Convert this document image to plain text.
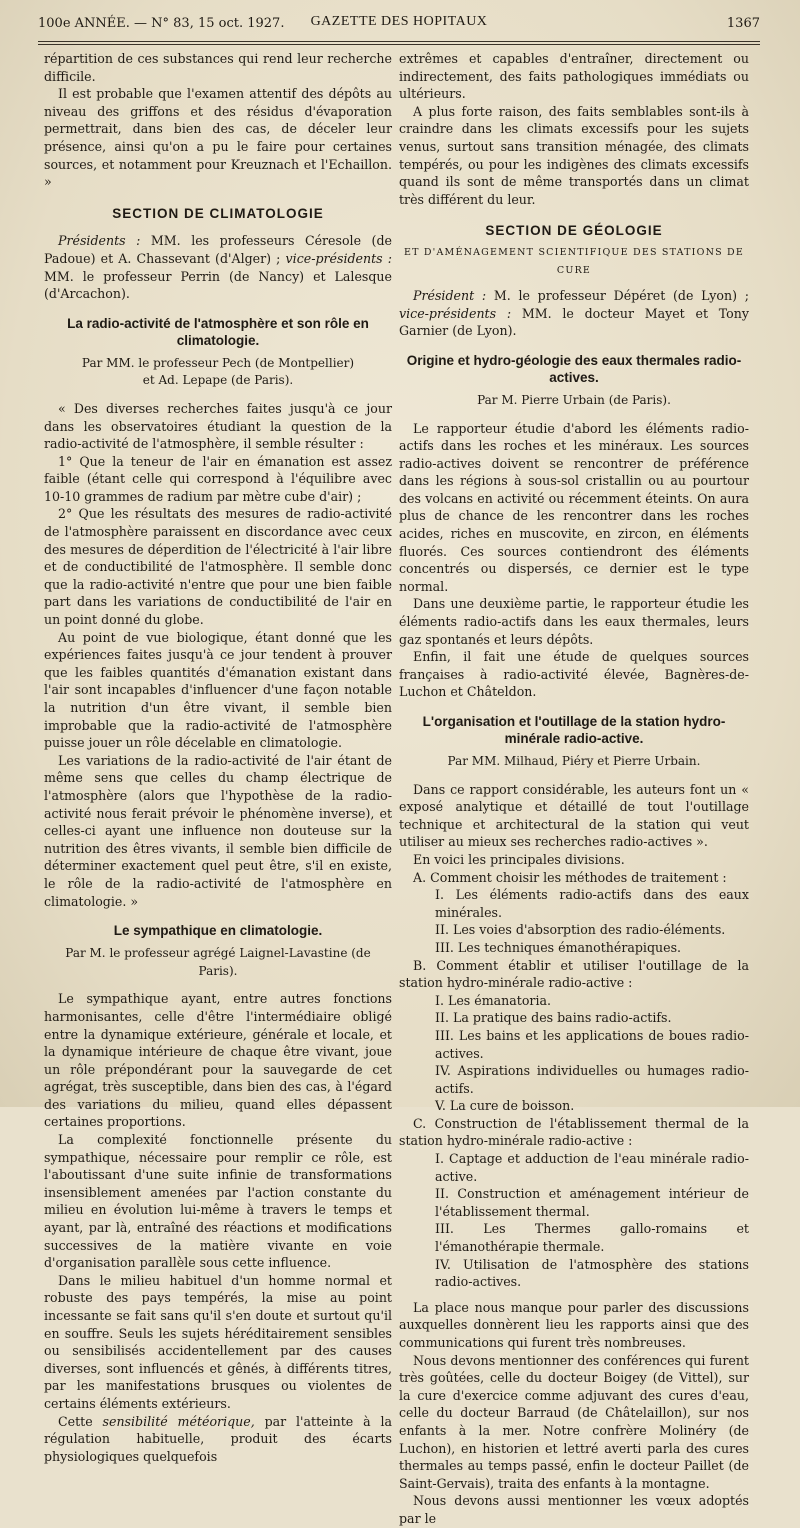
100e ANNÉE. — N° 83, 15 oct. 1927.	GAZETTE DES HOPITAUX	1367

répartition de ces substances qui rend leur recherche difficile.

Il est probable que l'examen attentif des dépôts au niveau des griffons et des résidus d'évaporation permettrait, dans bien des cas, de déceler leur présence, ainsi qu'on a pu le faire pour certaines sources, et notamment pour Kreuznach et l'Echaillon. »

SECTION DE CLIMATOLOGIE

Présidents : MM. les professeurs Céresole (de Padoue) et A. Chassevant (d'Alger) ; vice-présidents : MM. le professeur Perrin (de Nancy) et Lalesque (d'Arcachon).

La radio-activité de l'atmosphère et son rôle en climatologie.
Par MM. le professeur Pech (de Montpellier)
et Ad. Lepape (de Paris).

« Des diverses recherches faites jusqu'à ce jour dans les observatoires étudiant la question de la radio-activité de l'atmosphère, il semble résulter :

1° Que la teneur de l'air en émanation est assez faible (étant celle qui correspond à l'équilibre avec 10-10 grammes de radium par mètre cube d'air) ;

2° Que les résultats des mesures de radio-activité de l'atmosphère paraissent en discordance avec ceux des mesures de déperdition de l'électricité à l'air libre et de conductibilité de l'atmosphère. Il semble donc que la radio-activité n'entre que pour une bien faible part dans les variations de conductibilité de l'air en un point donné du globe.

Au point de vue biologique, étant donné que les expériences faites jusqu'à ce jour tendent à prouver que les faibles quantités d'émanation existant dans l'air sont incapables d'influencer d'une façon notable la nutrition d'un être vivant, il semble bien improbable que la radio-activité de l'atmosphère puisse jouer un rôle décelable en climatologie.

Les variations de la radio-activité de l'air étant de même sens que celles du champ électrique de l'atmosphère (alors que l'hypothèse de la radio-activité nous ferait prévoir le phénomène inverse), et celles-ci ayant une influence non douteuse sur la nutrition des êtres vivants, il semble bien difficile de déterminer exactement quel peut être, s'il en existe, le rôle de la radio-activité de l'atmosphère en climatologie. »

Le sympathique en climatologie.
Par M. le professeur agrégé Laignel-Lavastine (de Paris).

Le sympathique ayant, entre autres fonctions harmonisantes, celle d'être l'intermédiaire obligé entre la dynamique extérieure, générale et locale, et la dynamique intérieure de chaque être vivant, joue un rôle prépondérant pour la sauvegarde de cet agrégat, très susceptible, dans bien des cas, à l'égard des variations du milieu, quand elles dépassent certaines proportions.

La complexité fonctionnelle présente du sympathique, nécessaire pour remplir ce rôle, est l'aboutissant d'une suite infinie de transformations insensiblement amenées par l'action constante du milieu en évolution lui-même à travers le temps et ayant, par là, entraîné des réactions et modifications successives de la matière vivante en voie d'organisation parallèle sous cette influence.

Dans le milieu habituel d'un homme normal et robuste des pays tempérés, la mise au point incessante se fait sans qu'il s'en doute et surtout qu'il en souffre. Seuls les sujets héréditairement sensibles ou sensibilisés accidentellement par des causes diverses, sont influencés et gênés, à différents titres, par les manifestations brusques ou violentes de certains éléments extérieurs.

Cette sensibilité météorique, par l'atteinte à la régulation habituelle, produit des écarts physiologiques quelquefois

extrêmes et capables d'entraîner, directement ou indirectement, des faits pathologiques immédiats ou ultérieurs.

A plus forte raison, des faits semblables sont-ils à craindre dans les climats excessifs pour les sujets venus, surtout sans transition ménagée, des climats tempérés, ou pour les indigènes des climats excessifs quand ils sont de même transportés dans un climat très différent du leur.

SECTION DE GÉOLOGIE
ET D'AMÉNAGEMENT SCIENTIFIQUE DES STATIONS DE CURE

Président : M. le professeur Dépéret (de Lyon) ; vice-présidents : MM. le docteur Mayet et Tony Garnier (de Lyon).

Origine et hydro-géologie des eaux thermales radio-actives.
Par M. Pierre Urbain (de Paris).

Le rapporteur étudie d'abord les éléments radio-actifs dans les roches et les minéraux. Les sources radio-actives doivent se rencontrer de préférence dans les régions à sous-sol cristallin ou au pourtour des volcans en activité ou récemment éteints. On aura plus de chance de les rencontrer dans les roches acides, riches en muscovite, en zircon, en éléments fluorés. Ces sources contiendront des éléments concentrés ou dispersés, ce dernier est le type normal.

Dans une deuxième partie, le rapporteur étudie les éléments radio-actifs dans les eaux thermales, leurs gaz spontanés et leurs dépôts.

Enfin, il fait une étude de quelques sources françaises à radio-activité élevée, Bagnères-de-Luchon et Châteldon.

L'organisation et l'outillage de la station hydro-minérale radio-active.
Par MM. Milhaud, Piéry et Pierre Urbain.

Dans ce rapport considérable, les auteurs font un « exposé analytique et détaillé de tout l'outillage technique et architectural de la station qui veut utiliser au mieux ses recherches radio-actives ».

En voici les principales divisions.

A. Comment choisir les méthodes de traitement :

I. Les éléments radio-actifs dans des eaux minérales.

II. Les voies d'absorption des radio-éléments.

III. Les techniques émanothérapiques.

B. Comment établir et utiliser l'outillage de la station hydro-minérale radio-active :

I. Les émanatoria.

II. La pratique des bains radio-actifs.

III. Les bains et les applications de boues radio-actives.

IV. Aspirations individuelles ou humages radio-actifs.

V. La cure de boisson.

C. Construction de l'établissement thermal de la station hydro-minérale radio-active :

I. Captage et adduction de l'eau minérale radio-active.

II. Construction et aménagement intérieur de l'établissement thermal.

III. Les Thermes gallo-romains et l'émanothérapie thermale.

IV. Utilisation de l'atmosphère des stations radio-actives.

La place nous manque pour parler des discussions auxquelles donnèrent lieu les rapports ainsi que des communications qui furent très nombreuses.

Nous devons mentionner des conférences qui furent très goûtées, celle du docteur Boigey (de Vittel), sur la cure d'exercice comme adjuvant des cures d'eau, celle du docteur Barraud (de Châtelaillon), sur nos enfants à la mer. Notre confrère Molinéry (de Luchon), en historien et lettré averti parla des cures thermales au temps passé, enfin le docteur Paillet (de Saint-Gervais), traita des enfants à la montagne.

Nous devons aussi mentionner les vœux adoptés par le
